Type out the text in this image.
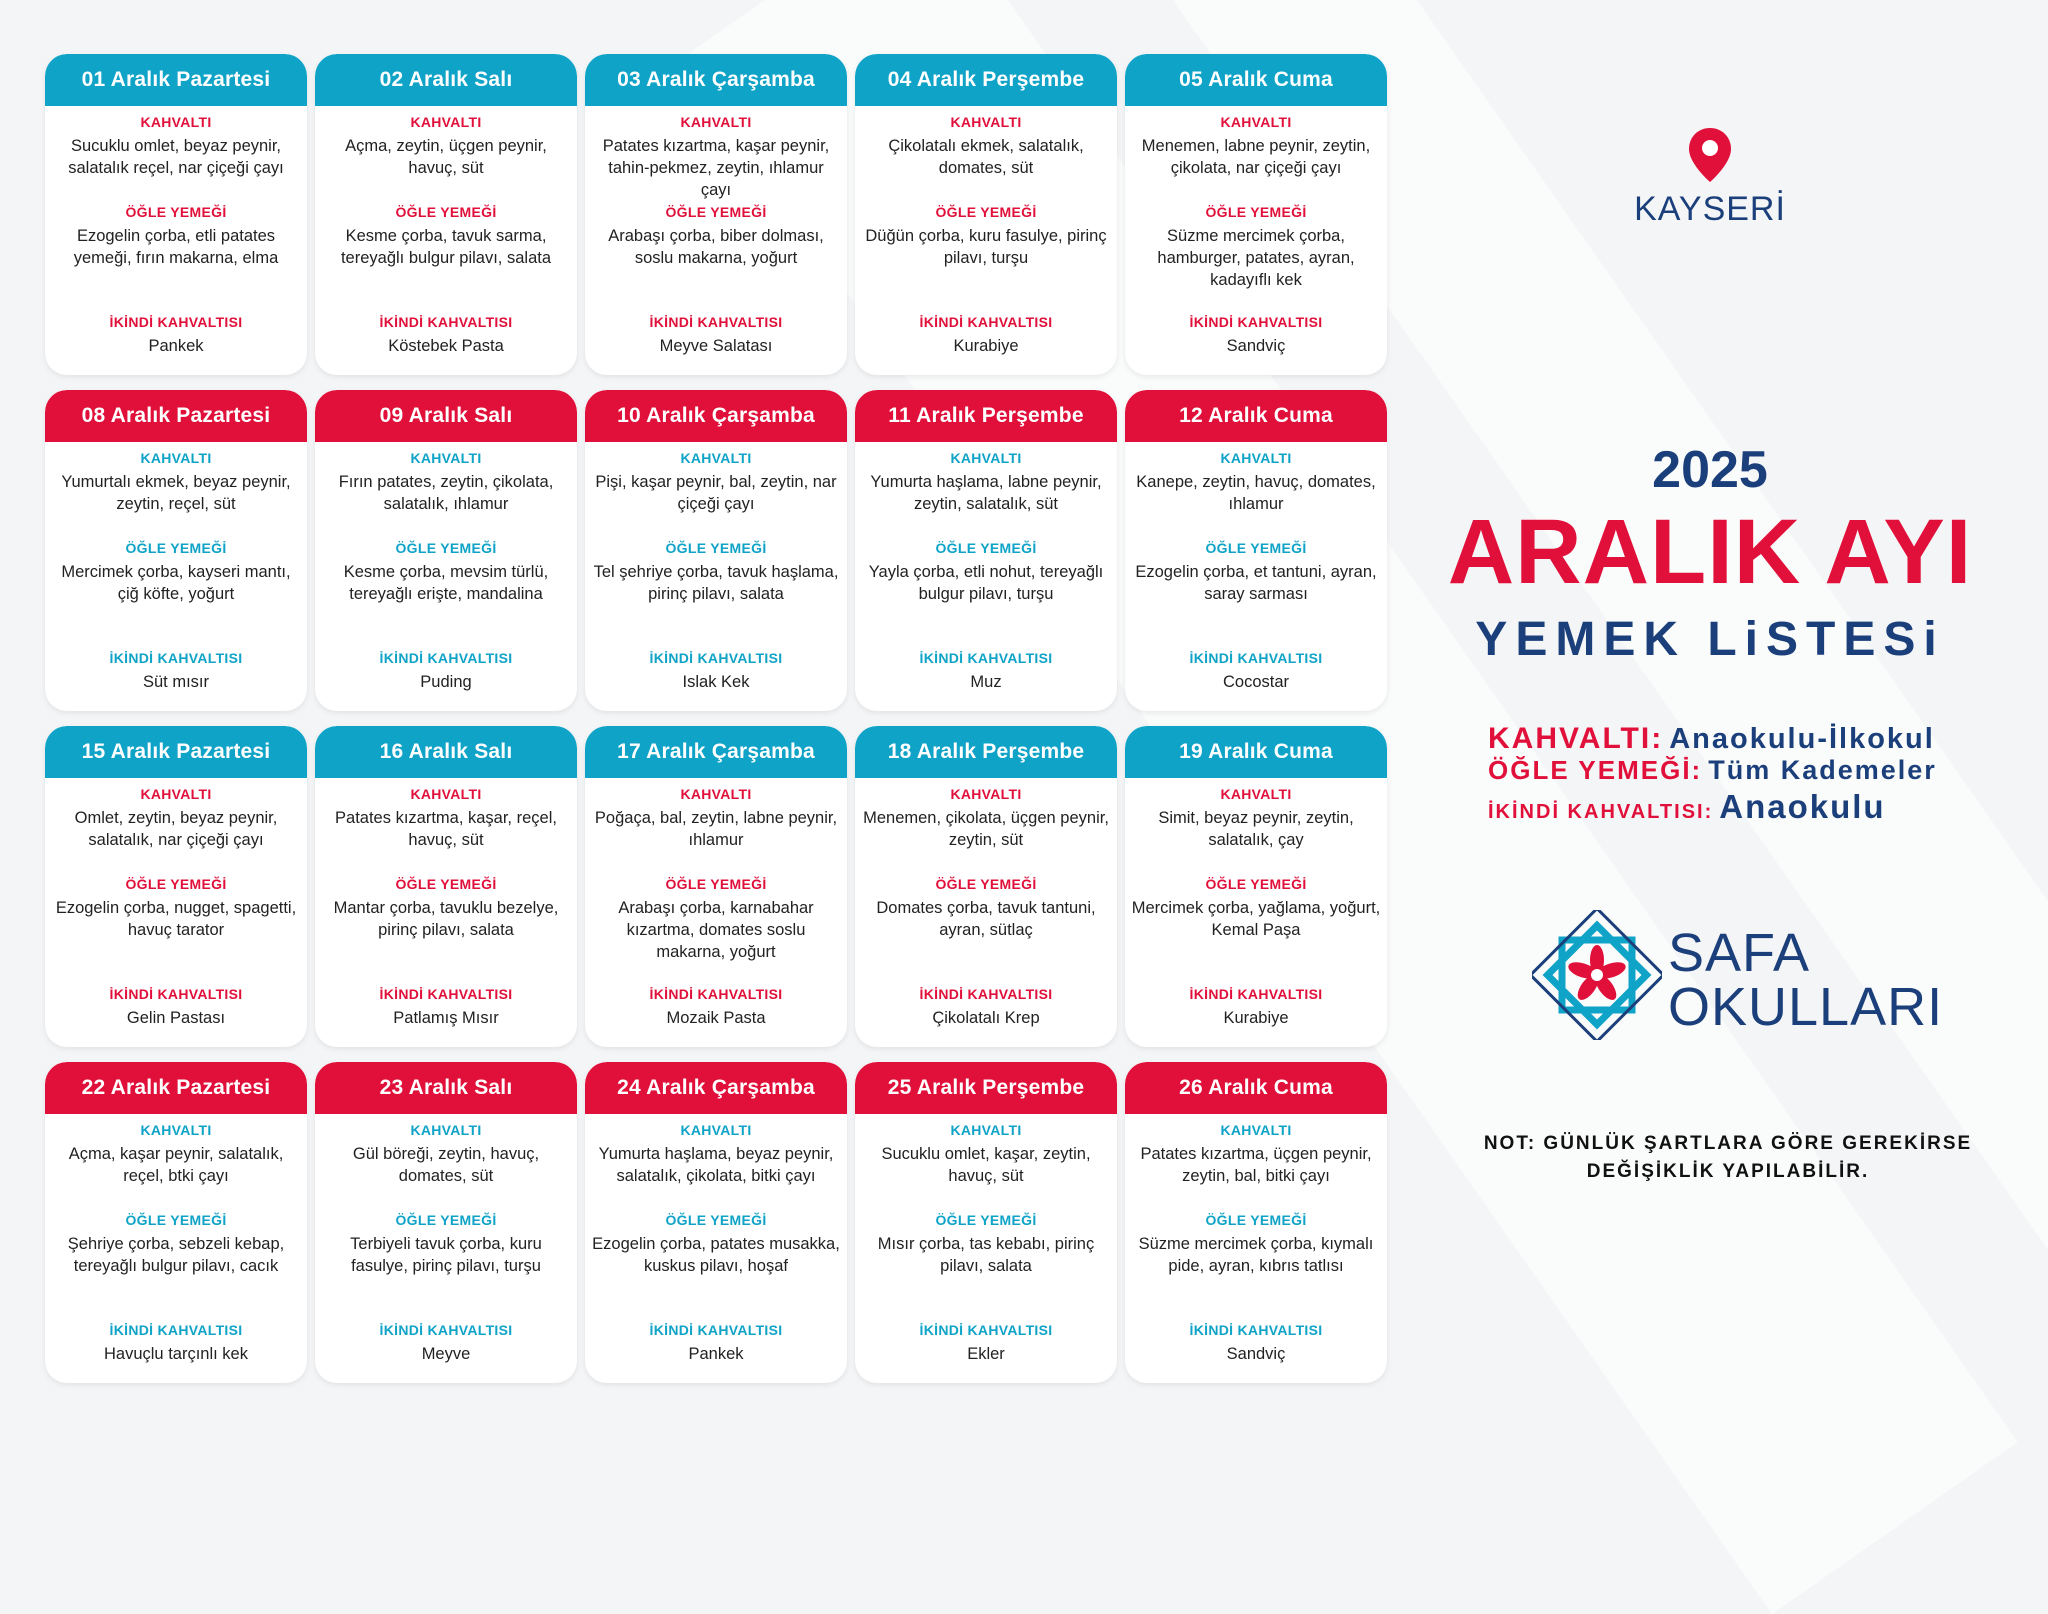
01 Aralık Pazartesi
KAHVALTI
Sucuklu omlet, beyaz peynir, salatalık reçel, nar çiçeği çayı
ÖĞLE YEMEĞİ
Ezogelin çorba, etli patates yemeği, fırın makarna, elma
İKİNDİ KAHVALTISI
Pankek
02 Aralık Salı
KAHVALTI
Açma, zeytin, üçgen peynir, havuç, süt
ÖĞLE YEMEĞİ
Kesme çorba, tavuk sarma, tereyağlı bulgur pilavı, salata
İKİNDİ KAHVALTISI
Köstebek Pasta
03 Aralık Çarşamba
KAHVALTI
Patates kızartma, kaşar peynir, tahin-pekmez, zeytin, ıhlamur çayı
ÖĞLE YEMEĞİ
Arabaşı çorba, biber dolması, soslu makarna, yoğurt
İKİNDİ KAHVALTISI
Meyve Salatası
04 Aralık Perşembe
KAHVALTI
Çikolatalı ekmek, salatalık, domates, süt
ÖĞLE YEMEĞİ
Düğün çorba, kuru fasulye, pirinç pilavı, turşu
İKİNDİ KAHVALTISI
Kurabiye
05 Aralık Cuma
KAHVALTI
Menemen, labne peynir, zeytin, çikolata, nar çiçeği çayı
ÖĞLE YEMEĞİ
Süzme mercimek çorba, hamburger, patates, ayran, kadayıflı kek
İKİNDİ KAHVALTISI
Sandviç
08 Aralık Pazartesi
KAHVALTI
Yumurtalı ekmek, beyaz peynir, zeytin, reçel, süt
ÖĞLE YEMEĞİ
Mercimek çorba, kayseri mantı, çiğ köfte, yoğurt
İKİNDİ KAHVALTISI
Süt mısır
09 Aralık Salı
KAHVALTI
Fırın patates, zeytin, çikolata, salatalık, ıhlamur
ÖĞLE YEMEĞİ
Kesme çorba, mevsim türlü, tereyağlı erişte, mandalina
İKİNDİ KAHVALTISI
Puding
10 Aralık Çarşamba
KAHVALTI
Pişi, kaşar peynir, bal, zeytin, nar çiçeği çayı
ÖĞLE YEMEĞİ
Tel şehriye çorba, tavuk haşlama, pirinç pilavı, salata
İKİNDİ KAHVALTISI
Islak Kek
11 Aralık Perşembe
KAHVALTI
Yumurta haşlama, labne peynir, zeytin, salatalık, süt
ÖĞLE YEMEĞİ
Yayla çorba, etli nohut, tereyağlı bulgur pilavı, turşu
İKİNDİ KAHVALTISI
Muz
12 Aralık Cuma
KAHVALTI
Kanepe, zeytin, havuç, domates, ıhlamur
ÖĞLE YEMEĞİ
Ezogelin çorba, et tantuni, ayran, saray sarması
İKİNDİ KAHVALTISI
Cocostar
15 Aralık Pazartesi
KAHVALTI
Omlet, zeytin, beyaz peynir, salatalık, nar çiçeği çayı
ÖĞLE YEMEĞİ
Ezogelin çorba, nugget, spagetti, havuç tarator
İKİNDİ KAHVALTISI
Gelin Pastası
16 Aralık Salı
KAHVALTI
Patates kızartma, kaşar, reçel, havuç, süt
ÖĞLE YEMEĞİ
Mantar çorba, tavuklu bezelye, pirinç pilavı, salata
İKİNDİ KAHVALTISI
Patlamış Mısır
17 Aralık Çarşamba
KAHVALTI
Poğaça, bal, zeytin, labne peynir, ıhlamur
ÖĞLE YEMEĞİ
Arabaşı çorba, karnabahar kızartma, domates soslu makarna, yoğurt
İKİNDİ KAHVALTISI
Mozaik Pasta
18 Aralık Perşembe
KAHVALTI
Menemen, çikolata, üçgen peynir, zeytin, süt
ÖĞLE YEMEĞİ
Domates çorba, tavuk tantuni, ayran, sütlaç
İKİNDİ KAHVALTISI
Çikolatalı Krep
19 Aralık Cuma
KAHVALTI
Simit, beyaz peynir, zeytin, salatalık, çay
ÖĞLE YEMEĞİ
Mercimek çorba, yağlama, yoğurt, Kemal Paşa
İKİNDİ KAHVALTISI
Kurabiye
22 Aralık Pazartesi
KAHVALTI
Açma, kaşar peynir, salatalık, reçel, btki çayı
ÖĞLE YEMEĞİ
Şehriye çorba, sebzeli kebap, tereyağlı bulgur pilavı, cacık
İKİNDİ KAHVALTISI
Havuçlu tarçınlı kek
23 Aralık Salı
KAHVALTI
Gül böreği, zeytin, havuç, domates, süt
ÖĞLE YEMEĞİ
Terbiyeli tavuk çorba, kuru fasulye, pirinç pilavı, turşu
İKİNDİ KAHVALTISI
Meyve
24 Aralık Çarşamba
KAHVALTI
Yumurta haşlama, beyaz peynir, salatalık, çikolata, bitki çayı
ÖĞLE YEMEĞİ
Ezogelin çorba, patates musakka, kuskus pilavı, hoşaf
İKİNDİ KAHVALTISI
Pankek
25 Aralık Perşembe
KAHVALTI
Sucuklu omlet, kaşar, zeytin, havuç, süt
ÖĞLE YEMEĞİ
Mısır çorba, tas kebabı, pirinç pilavı, salata
İKİNDİ KAHVALTISI
Ekler
26 Aralık Cuma
KAHVALTI
Patates kızartma, üçgen peynir, zeytin, bal, bitki çayı
ÖĞLE YEMEĞİ
Süzme mercimek çorba, kıymalı pide, ayran, kıbrıs tatlısı
İKİNDİ KAHVALTISI
Sandviç
KAYSERİ
2025
ARALIK AYI
YEMEK LiSTESi
KAHVALTI: Anaokulu-İlkokul
ÖĞLE YEMEĞİ: Tüm Kademeler
İKİNDİ KAHVALTISI: Anaokulu
SAFA
OKULLARI
NOT: GÜNLÜK ŞARTLARA GÖRE GEREKİRSE DEĞİŞİKLİK YAPILABİLİR.
